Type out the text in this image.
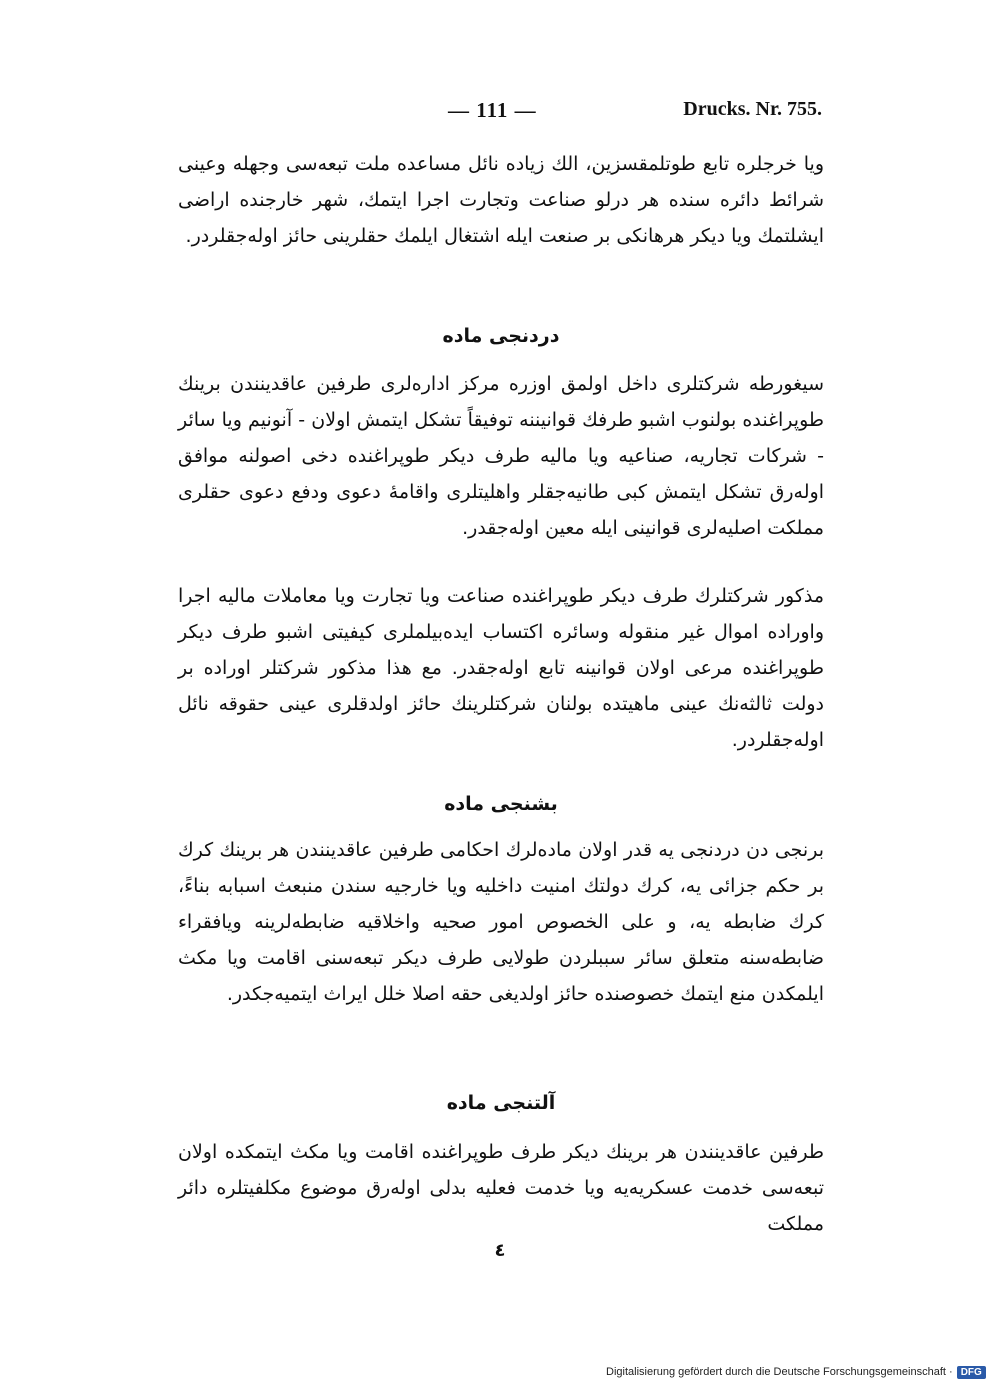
— 111 —	Drucks. Nr. 755.

ويا خرجلره تابع طوتلمقسزين، الك زياده نائل مساعده ملت تبعه‌سى وجهله وعينى شرائط دائره سنده هر درلو صناعت وتجارت اجرا ايتمك، شهر خارجنده اراضى ايشلتمك ويا ديكر هرهانكى بر صنعت ايله اشتغال ايلمك حقلرينى حائز اوله‌جقلردر.

دردنجى ماده

سيغورطه شركتلرى داخل اولمق اوزره مركز اداره‌لرى طرفين عاقدينندن برينك طوپراغنده بولنوب اشبو طرفك قوانيننه توفيقاً تشكل ايتمش اولان - آنونيم ويا سائر - شركات تجاريه، صناعيه ويا ماليه طرف ديكر طوپراغنده دخى اصولنه موافق اوله‌رق تشكل ايتمش كبى طانيه‌جقلر واهليتلرى واقامهٔ دعوى ودفع دعوى حقلرى مملكت اصليه‌لرى قوانينى ايله معين اوله‌جقدر.

مذكور شركتلرك طرف ديكر طوپراغنده صناعت ويا تجارت ويا معاملات ماليه اجرا واوراده اموال غير منقوله وسائره اكتساب ايده‌بيلملرى كيفيتى اشبو طرف ديكر طوپراغنده مرعى اولان قوانينه تابع اوله‌جقدر. مع هذا مذكور شركتلر اوراده بر دولت ثالثه‌نك عينى ماهيتده بولنان شركتلرينك حائز اولدقلرى عينى حقوقه نائل اوله‌جقلردر.

بشنجى ماده

برنجى دن دردنجى يه قدر اولان ماده‌لرك احكامى طرفين عاقدينندن هر برينك كرك بر حكم جزائى يه، كرك دولتك امنيت داخليه ويا خارجيه سندن منبعث اسبابه بناءً، كرك ضابطه يه، و على الخصوص امور صحيه واخلاقيه ضابطه‌لرينه ويافقراء ضابطه‌سنه متعلق سائر سببلردن طولايى طرف ديكر تبعه‌سنى اقامت ويا مكث ايلمكدن منع ايتمك خصوصنده حائز اولديغى حقه اصلا خلل ايراث ايتميه‌جكدر.

آلتنجى ماده

طرفين عاقدينندن هر برينك ديكر طرف طوپراغنده اقامت ويا مكث ايتمكده اولان تبعه‌سى خدمت عسكريه‌يه ويا خدمت فعليه بدلى اوله‌رق موضوع مكلفيتلره دائر مملكت

٤
Digitalisierung gefördert durch die Deutsche Forschungsgemeinschaft · DFG
